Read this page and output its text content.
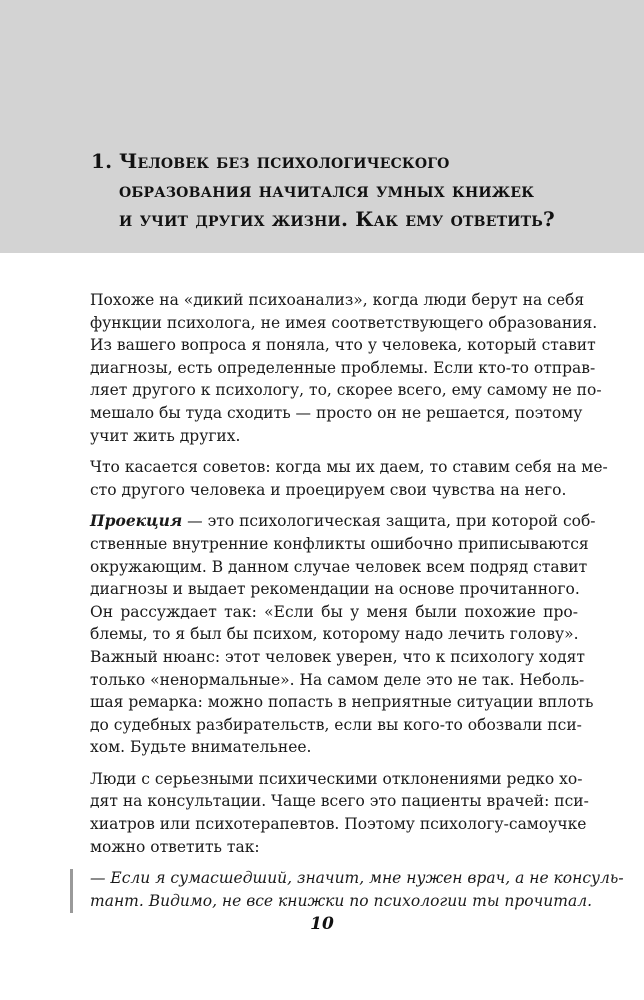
1. Человек без психологического
образования начитался умных книжек
и учит других жизни. Как ему ответить?

Похоже на «дикий психоанализ», когда люди берут на себя
функции психолога, не имея соответствующего образования.
Из вашего вопроса я поняла, что у человека, который ставит
диагнозы, есть определенные проблемы. Если кто-то отправ-
ляет другого к психологу, то, скорее всего, ему самому не по-
мешало бы туда сходить — просто он не решается, поэтому
учит жить других.

Что касается советов: когда мы их даем, то ставим себя на ме-
сто другого человека и проецируем свои чувства на него.

Проекция — это психологическая защита, при которой соб-
ственные внутренние конфликты ошибочно приписываются
окружающим. В данном случае человек всем подряд ставит
диагнозы и выдает рекомендации на основе прочитанного.
Он рассуждает так: «Если бы у меня были похожие про-
блемы, то я был бы психом, которому надо лечить голову».
Важный нюанс: этот человек уверен, что к психологу ходят
только «ненормальные». На самом деле это не так. Неболь-
шая ремарка: можно попасть в неприятные ситуации вплоть
до судебных разбирательств, если вы кого-то обозвали пси-
хом. Будьте внимательнее.

Люди с серьезными психическими отклонениями редко хо-
дят на консультации. Чаще всего это пациенты врачей: пси-
хиатров или психотерапевтов. Поэтому психологу-самоучке
можно ответить так:

— Если я сумасшедший, значит, мне нужен врач, а не консуль-
тант. Видимо, не все книжки по психологии ты прочитал.

10
